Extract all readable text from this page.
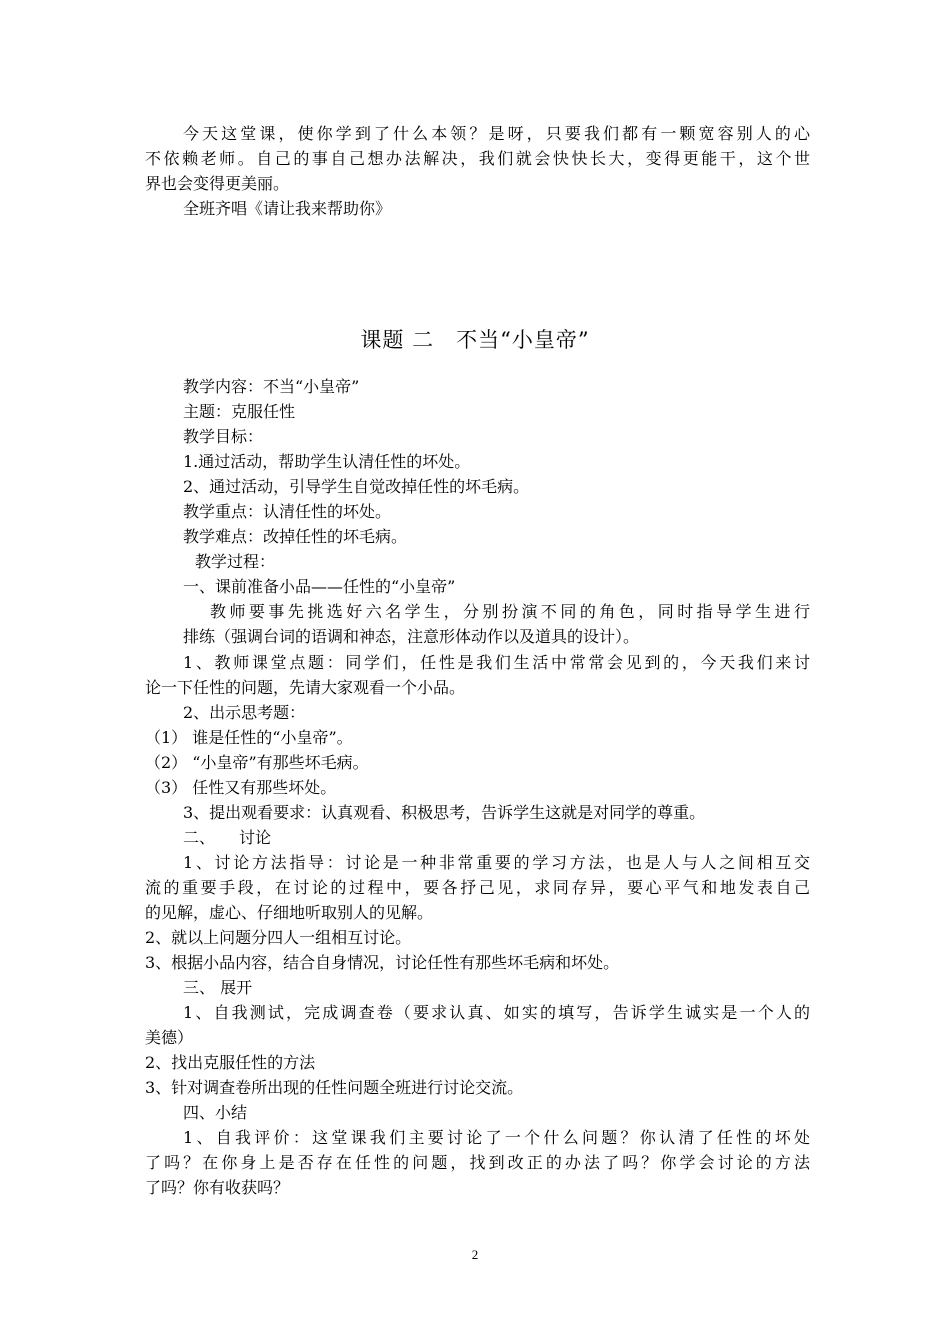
今天这堂课，使你学到了什么本领？是呀，只要我们都有一颗宽容别人的心
不依赖老师。自己的事自己想办法解决，我们就会快快长大，变得更能干，这个世
界也会变得更美丽。
全班齐唱《请让我来帮助你》
课题 二　不当“小皇帝”
教学内容：不当“小皇帝”
主题：克服任性
教学目标：
1.通过活动，帮助学生认清任性的坏处。
2、通过活动，引导学生自觉改掉任性的坏毛病。
教学重点：认清任性的坏处。
教学难点：改掉任性的坏毛病。
教学过程：
一、课前准备小品——任性的“小皇帝”
教师要事先挑选好六名学生，分别扮演不同的角色，同时指导学生进行
排练（强调台词的语调和神态，注意形体动作以及道具的设计）。
1、教师课堂点题：同学们，任性是我们生活中常常会见到的，今天我们来讨
论一下任性的问题，先请大家观看一个小品。
2、出示思考题：
（1） 谁是任性的“小皇帝”。
（2） “小皇帝”有那些坏毛病。
（3） 任性又有那些坏处。
3、提出观看要求：认真观看、积极思考，告诉学生这就是对同学的尊重。
二、　　讨论
1、讨论方法指导：讨论是一种非常重要的学习方法，也是人与人之间相互交
流的重要手段，在讨论的过程中，要各抒己见，求同存异，要心平气和地发表自己
的见解，虚心、仔细地听取别人的见解。
2、就以上问题分四人一组相互讨论。
3、根据小品内容，结合自身情况，讨论任性有那些坏毛病和坏处。
三、 展开
1、自我测试，完成调查卷（要求认真、如实的填写，告诉学生诚实是一个人的
美德）
2、找出克服任性的方法
3、针对调查卷所出现的任性问题全班进行讨论交流。
四、小结
1、自我评价：这堂课我们主要讨论了一个什么问题？你认清了任性的坏处
了吗？在你身上是否存在任性的问题，找到改正的办法了吗？你学会讨论的方法
了吗？你有收获吗？
2
